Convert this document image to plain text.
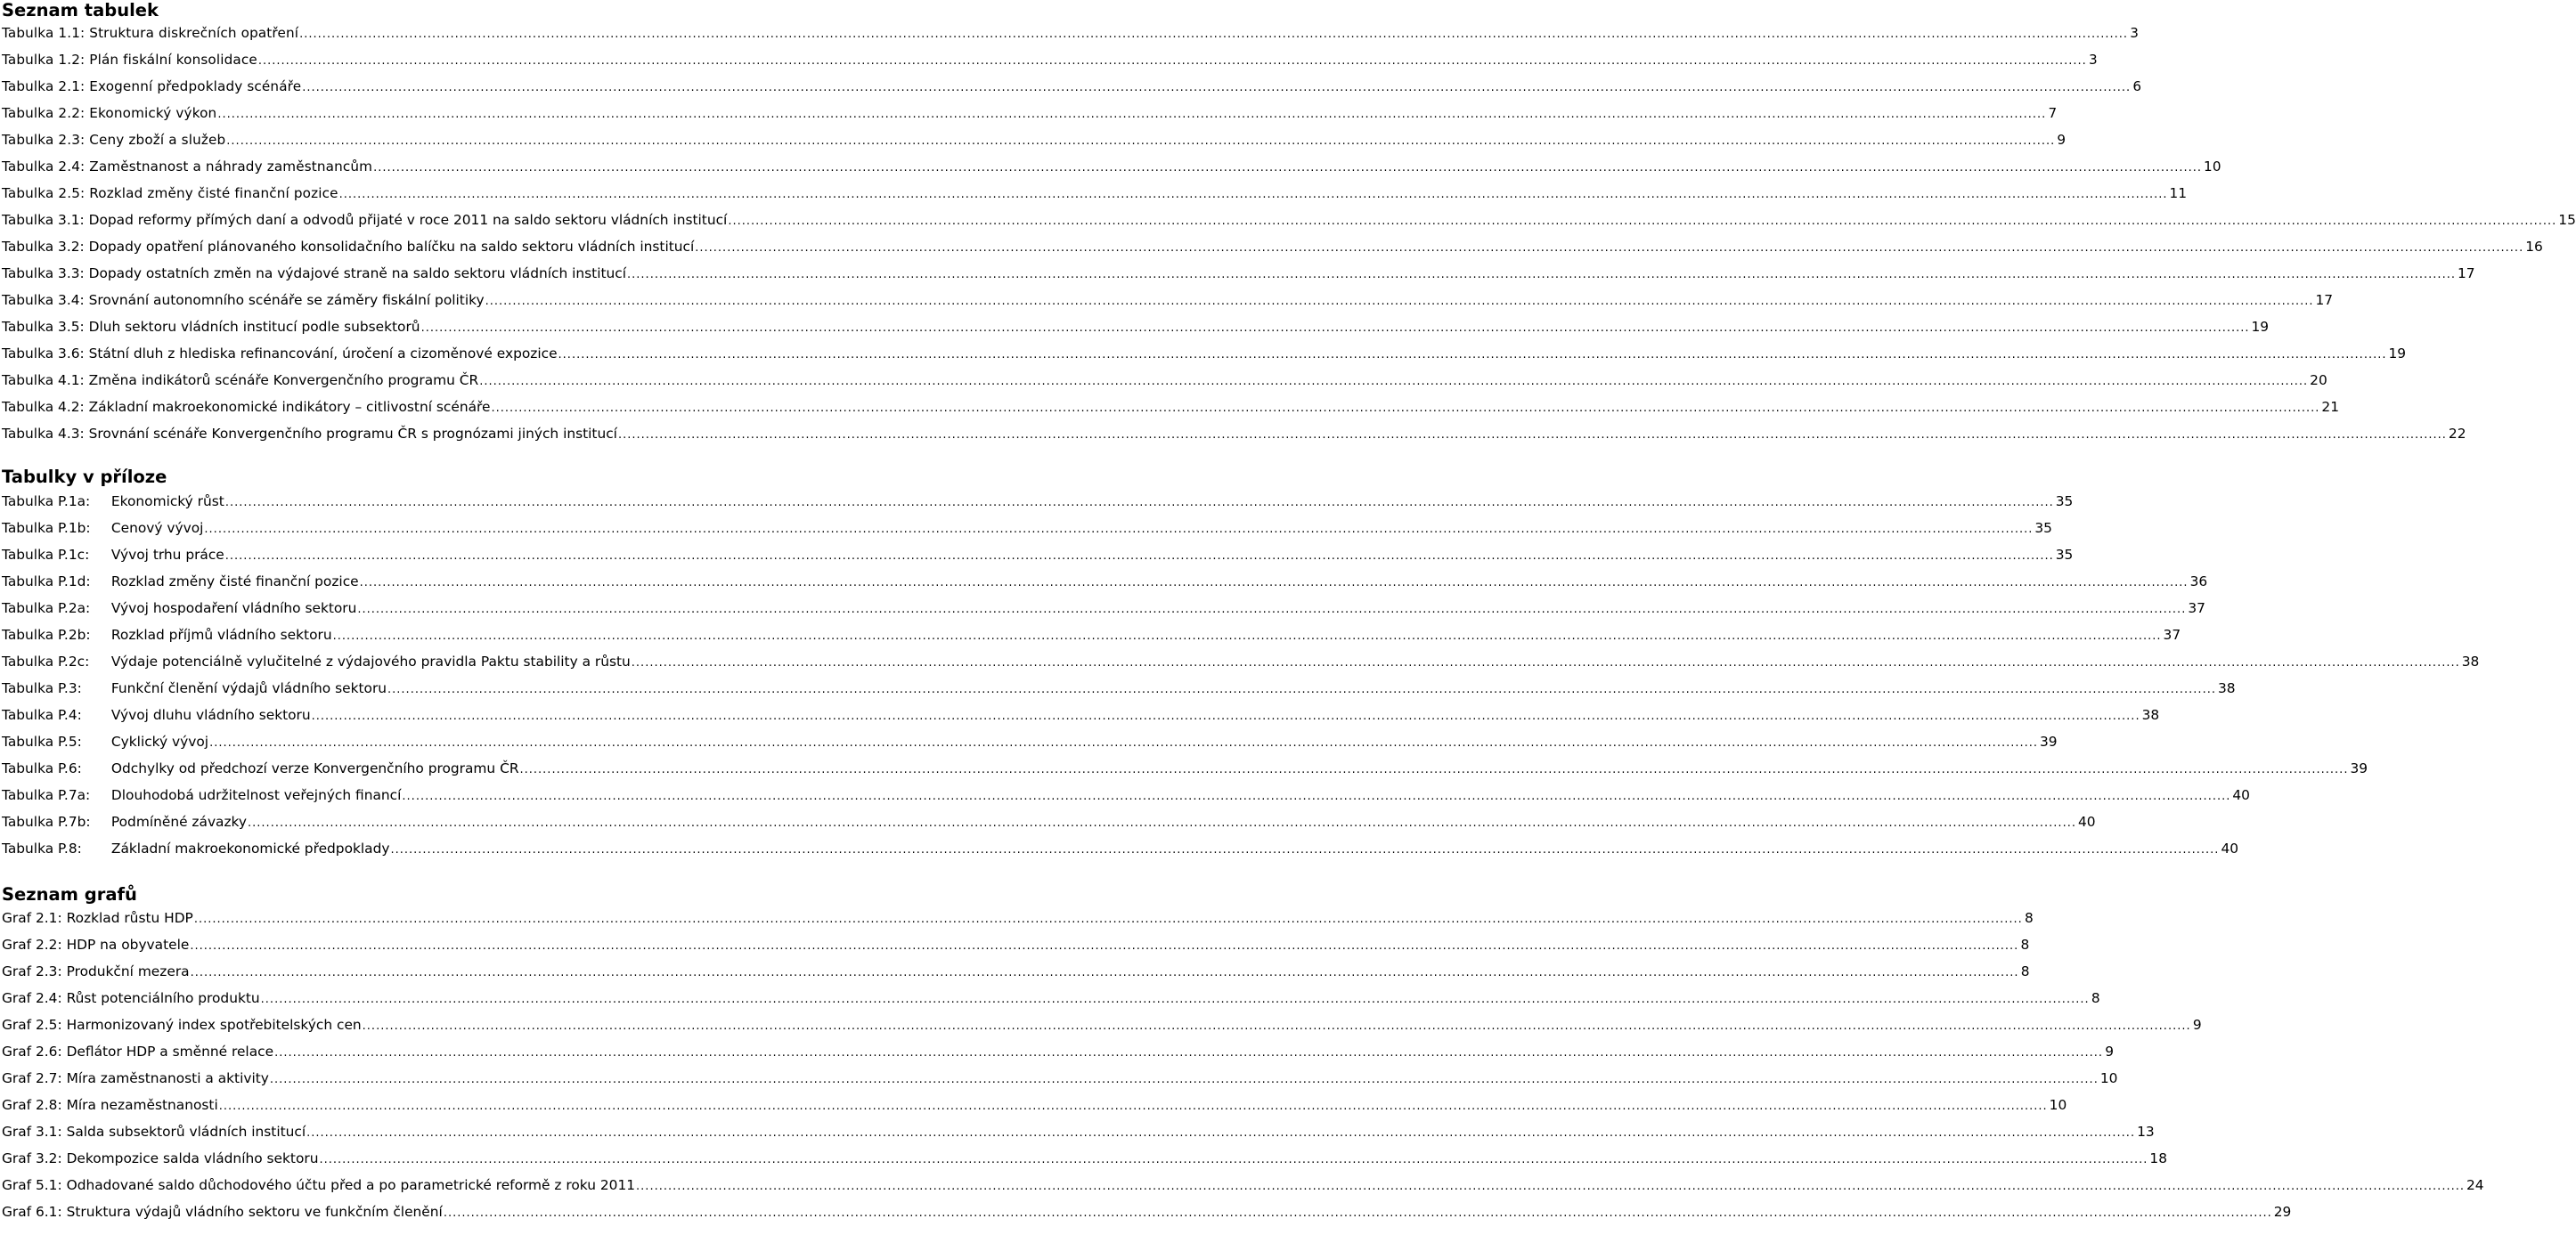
Seznam tabulek
Tabulka 1.1: Struktura diskrečních opatření ................................................................................................................................................................................................................................................................................................................................................................................................................ 3
Tabulka 1.2: Plán fiskální konsolidace ................................................................................................................................................................................................................................................................................................................................................................................................................ 3
Tabulka 2.1: Exogenní předpoklady scénáře ................................................................................................................................................................................................................................................................................................................................................................................................................ 6
Tabulka 2.2: Ekonomický výkon ................................................................................................................................................................................................................................................................................................................................................................................................................ 7
Tabulka 2.3: Ceny zboží a služeb ................................................................................................................................................................................................................................................................................................................................................................................................................ 9
Tabulka 2.4: Zaměstnanost a náhrady zaměstnancům ................................................................................................................................................................................................................................................................................................................................................................................................................ 10
Tabulka 2.5: Rozklad změny čisté finanční pozice ................................................................................................................................................................................................................................................................................................................................................................................................................ 11
Tabulka 3.1: Dopad reformy přímých daní a odvodů přijaté v roce 2011 na saldo sektoru vládních institucí ................................................................................................................................................................................................................................................................................................................................................................................................................ 15
Tabulka 3.2: Dopady opatření plánovaného konsolidačního balíčku na saldo sektoru vládních institucí ................................................................................................................................................................................................................................................................................................................................................................................................................ 16
Tabulka 3.3: Dopady ostatních změn na výdajové straně na saldo sektoru vládních institucí ................................................................................................................................................................................................................................................................................................................................................................................................................ 17
Tabulka 3.4: Srovnání autonomního scénáře se záměry fiskální politiky ................................................................................................................................................................................................................................................................................................................................................................................................................ 17
Tabulka 3.5: Dluh sektoru vládních institucí podle subsektorů ................................................................................................................................................................................................................................................................................................................................................................................................................ 19
Tabulka 3.6: Státní dluh z hlediska refinancování, úročení a cizoměnové expozice ................................................................................................................................................................................................................................................................................................................................................................................................................ 19
Tabulka 4.1: Změna indikátorů scénáře Konvergenčního programu ČR ................................................................................................................................................................................................................................................................................................................................................................................................................ 20
Tabulka 4.2: Základní makroekonomické indikátory – citlivostní scénáře ................................................................................................................................................................................................................................................................................................................................................................................................................ 21
Tabulka 4.3: Srovnání scénáře Konvergenčního programu ČR s prognózami jiných institucí ................................................................................................................................................................................................................................................................................................................................................................................................................ 22
Tabulky v příloze
Tabulka P.1a: Ekonomický růst ................................................................................................................................................................................................................................................................................................................................................................................................................ 35
Tabulka P.1b: Cenový vývoj ................................................................................................................................................................................................................................................................................................................................................................................................................ 35
Tabulka P.1c: Vývoj trhu práce ................................................................................................................................................................................................................................................................................................................................................................................................................ 35
Tabulka P.1d: Rozklad změny čisté finanční pozice ................................................................................................................................................................................................................................................................................................................................................................................................................ 36
Tabulka P.2a: Vývoj hospodaření vládního sektoru ................................................................................................................................................................................................................................................................................................................................................................................................................ 37
Tabulka P.2b: Rozklad příjmů vládního sektoru ................................................................................................................................................................................................................................................................................................................................................................................................................ 37
Tabulka P.2c: Výdaje potenciálně vylučitelné z výdajového pravidla Paktu stability a růstu ................................................................................................................................................................................................................................................................................................................................................................................................................ 38
Tabulka P.3: Funkční členění výdajů vládního sektoru ................................................................................................................................................................................................................................................................................................................................................................................................................ 38
Tabulka P.4: Vývoj dluhu vládního sektoru ................................................................................................................................................................................................................................................................................................................................................................................................................ 38
Tabulka P.5: Cyklický vývoj ................................................................................................................................................................................................................................................................................................................................................................................................................ 39
Tabulka P.6: Odchylky od předchozí verze Konvergenčního programu ČR ................................................................................................................................................................................................................................................................................................................................................................................................................ 39
Tabulka P.7a: Dlouhodobá udržitelnost veřejných financí ................................................................................................................................................................................................................................................................................................................................................................................................................ 40
Tabulka P.7b: Podmíněné závazky ................................................................................................................................................................................................................................................................................................................................................................................................................ 40
Tabulka P.8: Základní makroekonomické předpoklady ................................................................................................................................................................................................................................................................................................................................................................................................................ 40
Seznam grafů
Graf 2.1: Rozklad růstu HDP ................................................................................................................................................................................................................................................................................................................................................................................................................ 8
Graf 2.2: HDP na obyvatele ................................................................................................................................................................................................................................................................................................................................................................................................................ 8
Graf 2.3: Produkční mezera ................................................................................................................................................................................................................................................................................................................................................................................................................ 8
Graf 2.4: Růst potenciálního produktu ................................................................................................................................................................................................................................................................................................................................................................................................................ 8
Graf 2.5: Harmonizovaný index spotřebitelských cen ................................................................................................................................................................................................................................................................................................................................................................................................................ 9
Graf 2.6: Deflátor HDP a směnné relace ................................................................................................................................................................................................................................................................................................................................................................................................................ 9
Graf 2.7: Míra zaměstnanosti a aktivity ................................................................................................................................................................................................................................................................................................................................................................................................................ 10
Graf 2.8: Míra nezaměstnanosti ................................................................................................................................................................................................................................................................................................................................................................................................................ 10
Graf 3.1: Salda subsektorů vládních institucí ................................................................................................................................................................................................................................................................................................................................................................................................................ 13
Graf 3.2: Dekompozice salda vládního sektoru ................................................................................................................................................................................................................................................................................................................................................................................................................ 18
Graf 5.1: Odhadované saldo důchodového účtu před a po parametrické reformě z roku 2011 ................................................................................................................................................................................................................................................................................................................................................................................................................ 24
Graf 6.1: Struktura výdajů vládního sektoru ve funkčním členění ................................................................................................................................................................................................................................................................................................................................................................................................................ 29
